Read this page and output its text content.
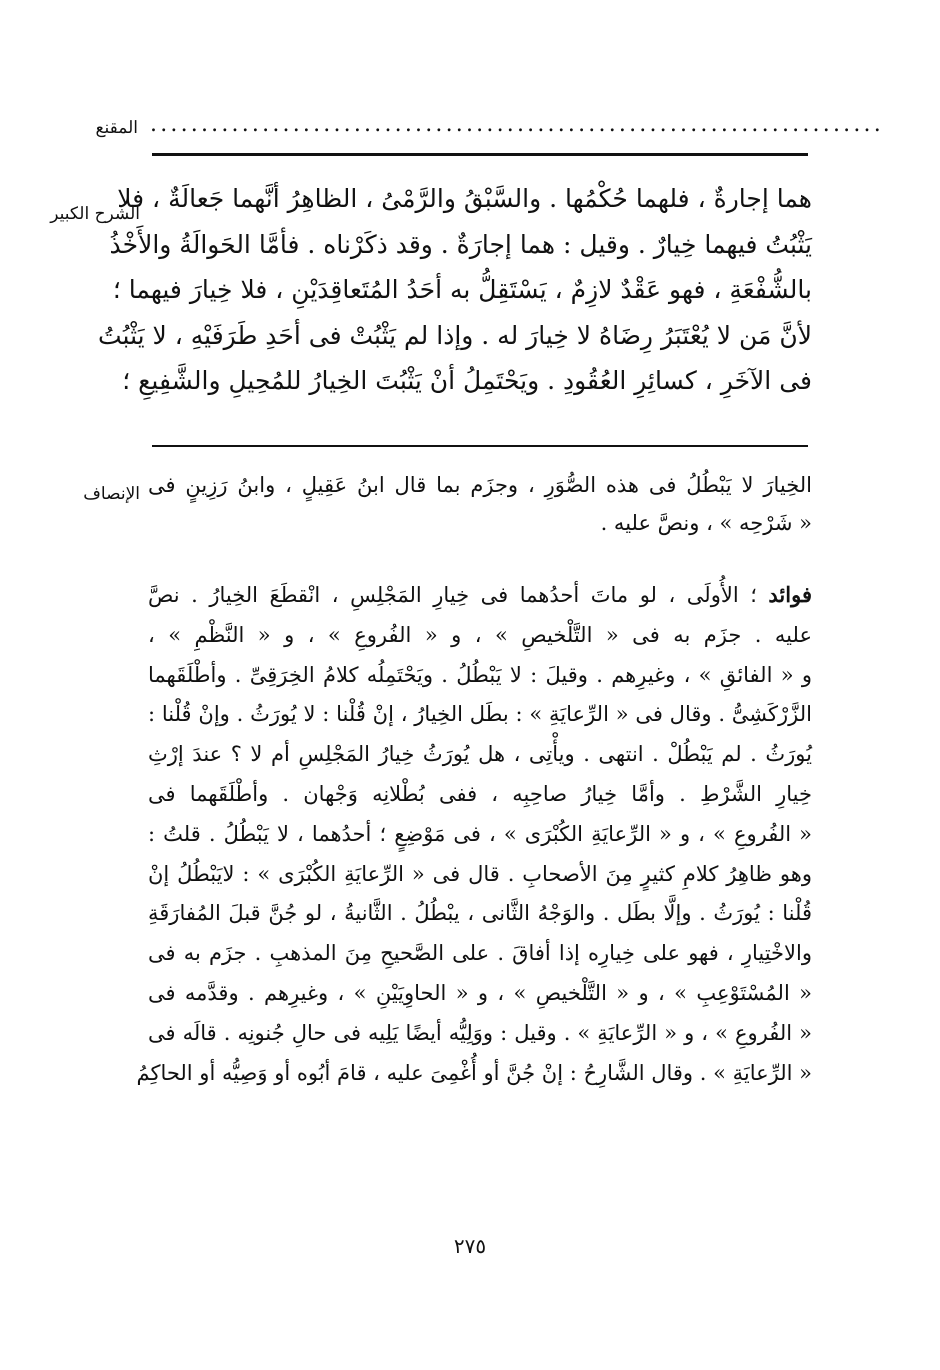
المقنع ........................................................................
الشرح الكبير
هما إجارةٌ ، فلهما حُكْمُها . والسَّبْقُ والرَّمْىُ ، الظاهِرُ أنَّهما جَعالَةٌ ، فلا
يَثْبُتُ فيهما خِيارٌ . وقيل : هما إجارَةٌ . وقد ذكَرْناه . فأمَّا الحَوالَةُ والأَخْذُ
بالشُّفْعَةِ ، فهو عَقْدٌ لازِمٌ ، يَسْتَقِلُّ به أحَدُ المُتَعاقِدَيْنِ ، فلا خِيارَ فيهما ؛
لأنَّ مَن لا يُعْتَبَرُ رِضَاهُ لا خِيارَ له . وإذا لم يَثْبُتْ فى أحَدِ طَرَفَيْهِ ، لا يَثْبُتُ
فى الآخَرِ ، كسائِرِ العُقُودِ . ويَحْتَمِلُ أنْ يَثْبُتَ الخِيارُ للمُحِيلِ والشَّفِيعِ ؛
الإنصاف الخِيارَ لا يَبْطُلُ فى هذه الصُّوَرِ ، وجزَم بما قال ابنُ عَقِيلٍ ، وابنُ رَزِينٍ فى
« شَرْحِه » ، ونصَّ عليه .
فوائد ؛ الأُولَى ، لو ماتَ أحدُهما فى خِيارِ المَجْلِسِ ، انْقطَعَ الخِيارُ . نصَّ
عليه . جزَم به فى « التَّلْخيصِ » ، و « الفُروعِ » ، و « النَّظْمِ » ،
و « الفائقِ » ، وغيرِهم . وقيلَ : لا يَبْطُلُ . ويَحْتَمِلُه كلامُ الخِرَقِىِّ . وأطْلَقَهما
الزَّرْكَشِىُّ . وقال فى « الرِّعايَةِ » : بطَل الخِيارُ ، إنْ قُلْنا : لا يُورَثُ . وإنْ قُلْنا :
يُورَثُ . لم يَبْطُلْ . انتهى . ويأْتِى ، هل يُورَثُ خِيارُ المَجْلِسِ أم لا ؟ عندَ إرْثِ
خِيارِ الشَّرْطِ . وأمَّا خِيارُ صاحِبِه ، ففى بُطْلانِه وَجْهان . وأطْلَقَهما فى
« الفُروعِ » ، و « الرِّعايَةِ الكُبْرَى » ، فى مَوْضِعٍ ؛ أحدُهما ، لا يَبْطُلُ . قلتُ :
وهو ظاهِرُ كلامِ كثيرٍ مِنَ الأصحابِ . قال فى « الرِّعايَةِ الكُبْرَى » : لايَبْطُلُ إنْ
قُلْنا : يُورَثُ . وإلَّا بطَل . والوَجْهُ الثَّانى ، يبْطُلُ . الثَّانيةُ ، لو جُنَّ قبلَ المُفارَقَةِ
والاخْتِيارِ ، فهو على خِيارِه إذا أفاقَ . على الصَّحيحِ مِنَ المذهبِ . جزَم به فى
« المُسْتَوْعِبِ » ، و « التَّلْخيصِ » ، و « الحاوِيَيْنِ » ، وغيرِهم . وقدَّمه فى
« الفُروعِ » ، و « الرِّعايَةِ » . وقيل : ووَلِيُّه أيضًا يَلِيه فى حالِ جُنونِه . قالَه فى
« الرِّعايَةِ » . وقال الشَّارِحُ : إنْ جُنَّ أو أُغْمِىَ عليه ، قامَ أبُوه أو وَصِيُّه أو الحاكِمُ
٢٧٥
